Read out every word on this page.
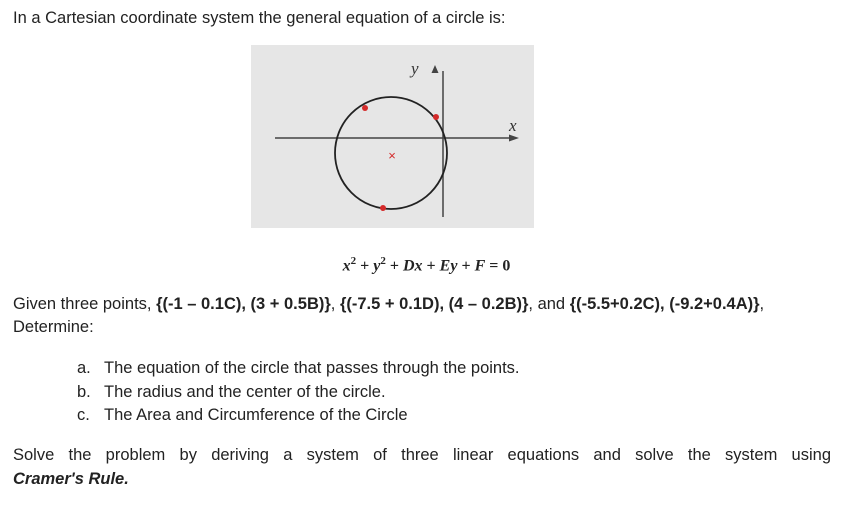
In a Cartesian coordinate system the general equation of a circle is:
y
x
×
$x^2 + y^2 + Dx + Ey + F = 0$
Given three points, {(-1 – 0.1C), (3 + 0.5B)}, {(-7.5 + 0.1D), (4 – 0.2B)}, and {(-5.5+0.2C), (-9.2+0.4A)},
Determine:
a. The equation of the circle that passes through the points.
b. The radius and the center of the circle.
c. The Area and Circumference of the Circle
Solve the problem by deriving a system of three linear equations and solve the system using
Cramer's Rule.
